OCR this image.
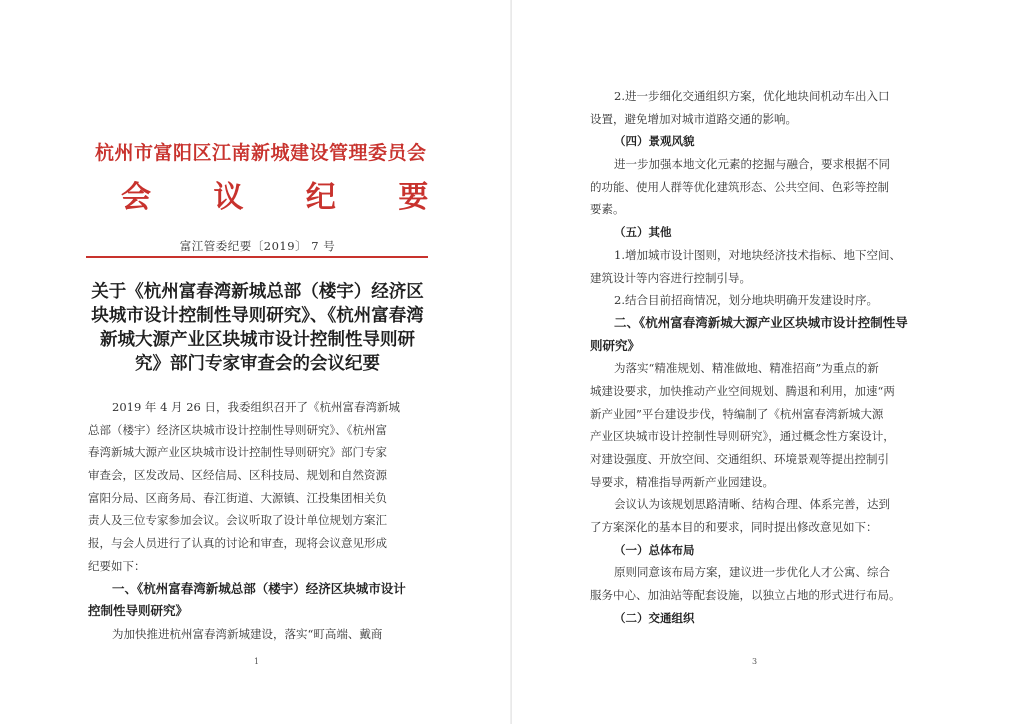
杭州市富阳区江南新城建设管理委员会
会 议 纪 要
富江管委纪要〔2019〕 7 号
关于《杭州富春湾新城总部（楼宇）经济区
块城市设计控制性导则研究》、《杭州富春湾
新城大源产业区块城市设计控制性导则研
究》部门专家审查会的会议纪要
2019 年 4 月 26 日，我委组织召开了《杭州富春湾新城
总部（楼宇）经济区块城市设计控制性导则研究》、《杭州富
春湾新城大源产业区块城市设计控制性导则研究》部门专家
审查会，区发改局、区经信局、区科技局、规划和自然资源
富阳分局、区商务局、春江街道、大源镇、江投集团相关负
责人及三位专家参加会议。会议听取了设计单位规划方案汇
报，与会人员进行了认真的讨论和审查，现将会议意见形成
纪要如下：
一、《杭州富春湾新城总部（楼宇）经济区块城市设计
控制性导则研究》
为加快推进杭州富春湾新城建设，落实“町高端、戴商
1
2.进一步细化交通组织方案，优化地块间机动车出入口
设置，避免增加对城市道路交通的影响。
（四）景观风貌
进一步加强本地文化元素的挖掘与融合，要求根据不同
的功能、使用人群等优化建筑形态、公共空间、色彩等控制
要素。
（五）其他
1.增加城市设计图则，对地块经济技术指标、地下空间、
建筑设计等内容进行控制引导。
2.结合目前招商情况，划分地块明确开发建设时序。
二、《杭州富春湾新城大源产业区块城市设计控制性导
则研究》
为落实“精准规划、精准做地、精准招商”为重点的新
城建设要求，加快推动产业空间规划、腾退和利用，加速“两
新产业园”平台建设步伐，特编制了《杭州富春湾新城大源
产业区块城市设计控制性导则研究》，通过概念性方案设计，
对建设强度、开放空间、交通组织、环境景观等提出控制引
导要求，精准指导两新产业园建设。
会议认为该规划思路清晰、结构合理、体系完善，达到
了方案深化的基本目的和要求，同时提出修改意见如下：
（一）总体布局
原则同意该布局方案，建议进一步优化人才公寓、综合
服务中心、加油站等配套设施，以独立占地的形式进行布局。
（二）交通组织
3
